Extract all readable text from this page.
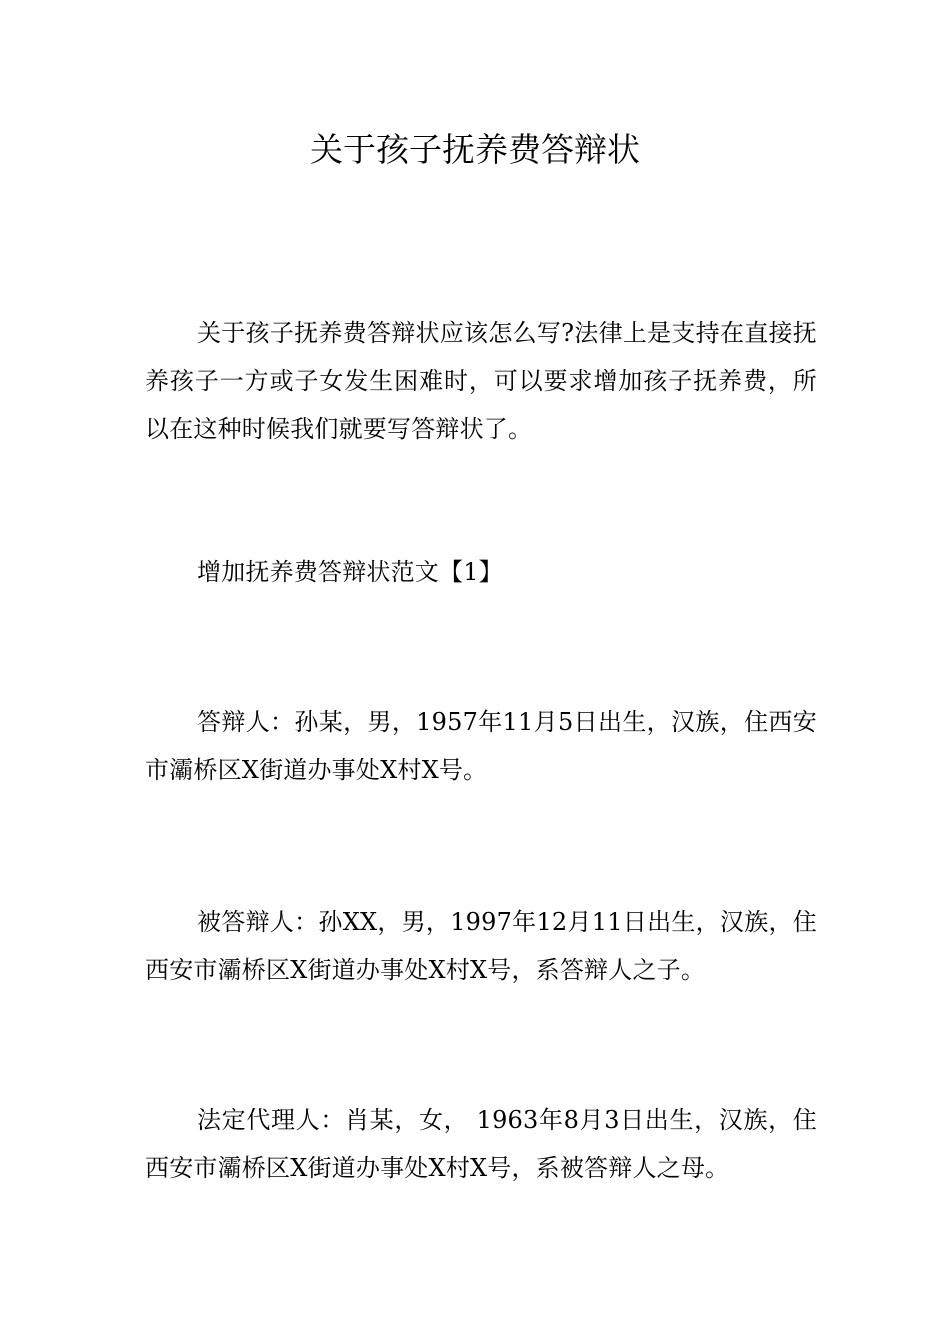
关于孩子抚养费答辩状

关于孩子抚养费答辩状应该怎么写?法律上是支持在直接抚养孩子一方或子女发生困难时，可以要求增加孩子抚养费，所以在这种时候我们就要写答辩状了。

增加抚养费答辩状范文【1】

答辩人：孙某，男，1957年11月5日出生，汉族，住西安市灞桥区X街道办事处X村X号。

被答辩人：孙XX，男，1997年12月11日出生，汉族，住西安市灞桥区X街道办事处X村X号，系答辩人之子。

法定代理人：肖某，女， 1963年8月3日出生，汉族，住西安市灞桥区X街道办事处X村X号，系被答辩人之母。
